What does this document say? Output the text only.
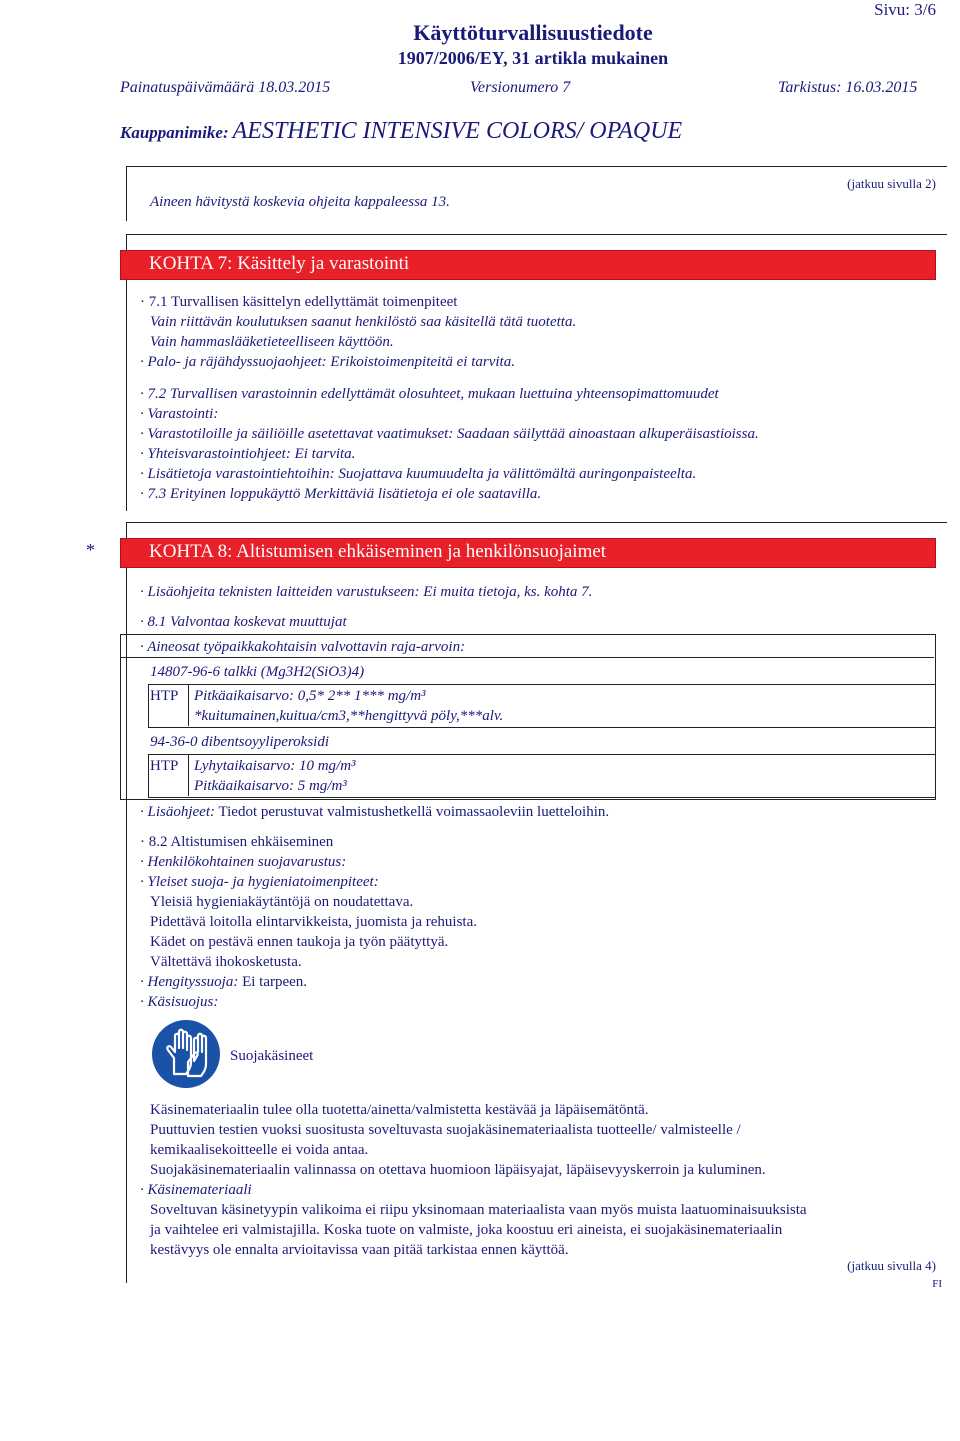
Sivu: 3/6
Käyttöturvallisuustiedote
1907/2006/EY, 31 artikla mukainen
Painatuspäivämäärä 18.03.2015	Versionumero 7	Tarkistus: 16.03.2015
Kauppanimike: AESTHETIC INTENSIVE COLORS/ OPAQUE
Aineen hävitystä koskevia ohjeita kappaleessa 13.
(jatkuu sivulla 2)
KOHTA 7: Käsittely ja varastointi
· 7.1 Turvallisen käsittelyn edellyttämät toimenpiteet
Vain riittävän koulutuksen saanut henkilöstö saa käsitellä tätä tuotetta.
Vain hammaslääketieteelliseen käyttöön.
· Palo- ja räjähdyssuojaohjeet: Erikoistoimenpiteitä ei tarvita.
· 7.2 Turvallisen varastoinnin edellyttämät olosuhteet, mukaan luettuina yhteensopimattomuudet
· Varastointi:
· Varastotiloille ja säiliöille asetettavat vaatimukset: Saadaan säilyttää ainoastaan alkuperäisastioissa.
· Yhteisvarastointiohjeet: Ei tarvita.
· Lisätietoja varastointiehtoihin: Suojattava kuumuudelta ja välittömältä auringonpaisteelta.
· 7.3 Erityinen loppukäyttö Merkittäviä lisätietoja ei ole saatavilla.
*	KOHTA 8: Altistumisen ehkäiseminen ja henkilönsuojaimet
· Lisäohjeita teknisten laitteiden varustukseen: Ei muita tietoja, ks. kohta 7.
· 8.1 Valvontaa koskevat muuttujat
· Aineosat työpaikkakohtaisin valvottavin raja-arvoin:
14807-96-6 talkki (Mg3H2(SiO3)4)
HTP Pitkäaikaisarvo: 0,5* 2** 1*** mg/m³
*kuitumainen,kuitua/cm3,**hengittyvä pöly,***alv.
94-36-0 dibentsoyyliperoksidi
HTP Lyhytaikaisarvo: 10 mg/m³
Pitkäaikaisarvo: 5 mg/m³
· Lisäohjeet: Tiedot perustuvat valmistushetkellä voimassaoleviin luetteloihin.
· 8.2 Altistumisen ehkäiseminen
· Henkilökohtainen suojavarustus:
· Yleiset suoja- ja hygieniatoimenpiteet:
Yleisiä hygieniakäytäntöjä on noudatettava.
Pidettävä loitolla elintarvikkeista, juomista ja rehuista.
Kädet on pestävä ennen taukoja ja työn päätyttyä.
Vältettävä ihokosketusta.
· Hengityssuoja: Ei tarpeen.
· Käsisuojus:
Suojakäsineet
Käsinemateriaalin tulee olla tuotetta/ainetta/valmistetta kestävää ja läpäisemätöntä.
Puuttuvien testien vuoksi suositusta soveltuvasta suojakäsinemateriaalista tuotteelle/ valmisteelle /
kemikaalisekoitteelle ei voida antaa.
Suojakäsinemateriaalin valinnassa on otettava huomioon läpäisyajat, läpäisevyyskerroin ja kuluminen.
· Käsinemateriaali
Soveltuvan käsinetyypin valikoima ei riipu yksinomaan materiaalista vaan myös muista laatuominaisuuksista
ja vaihtelee eri valmistajilla. Koska tuote on valmiste, joka koostuu eri aineista, ei suojakäsinemateriaalin
kestävyys ole ennalta arvioitavissa vaan pitää tarkistaa ennen käyttöä.
(jatkuu sivulla 4)
FI
